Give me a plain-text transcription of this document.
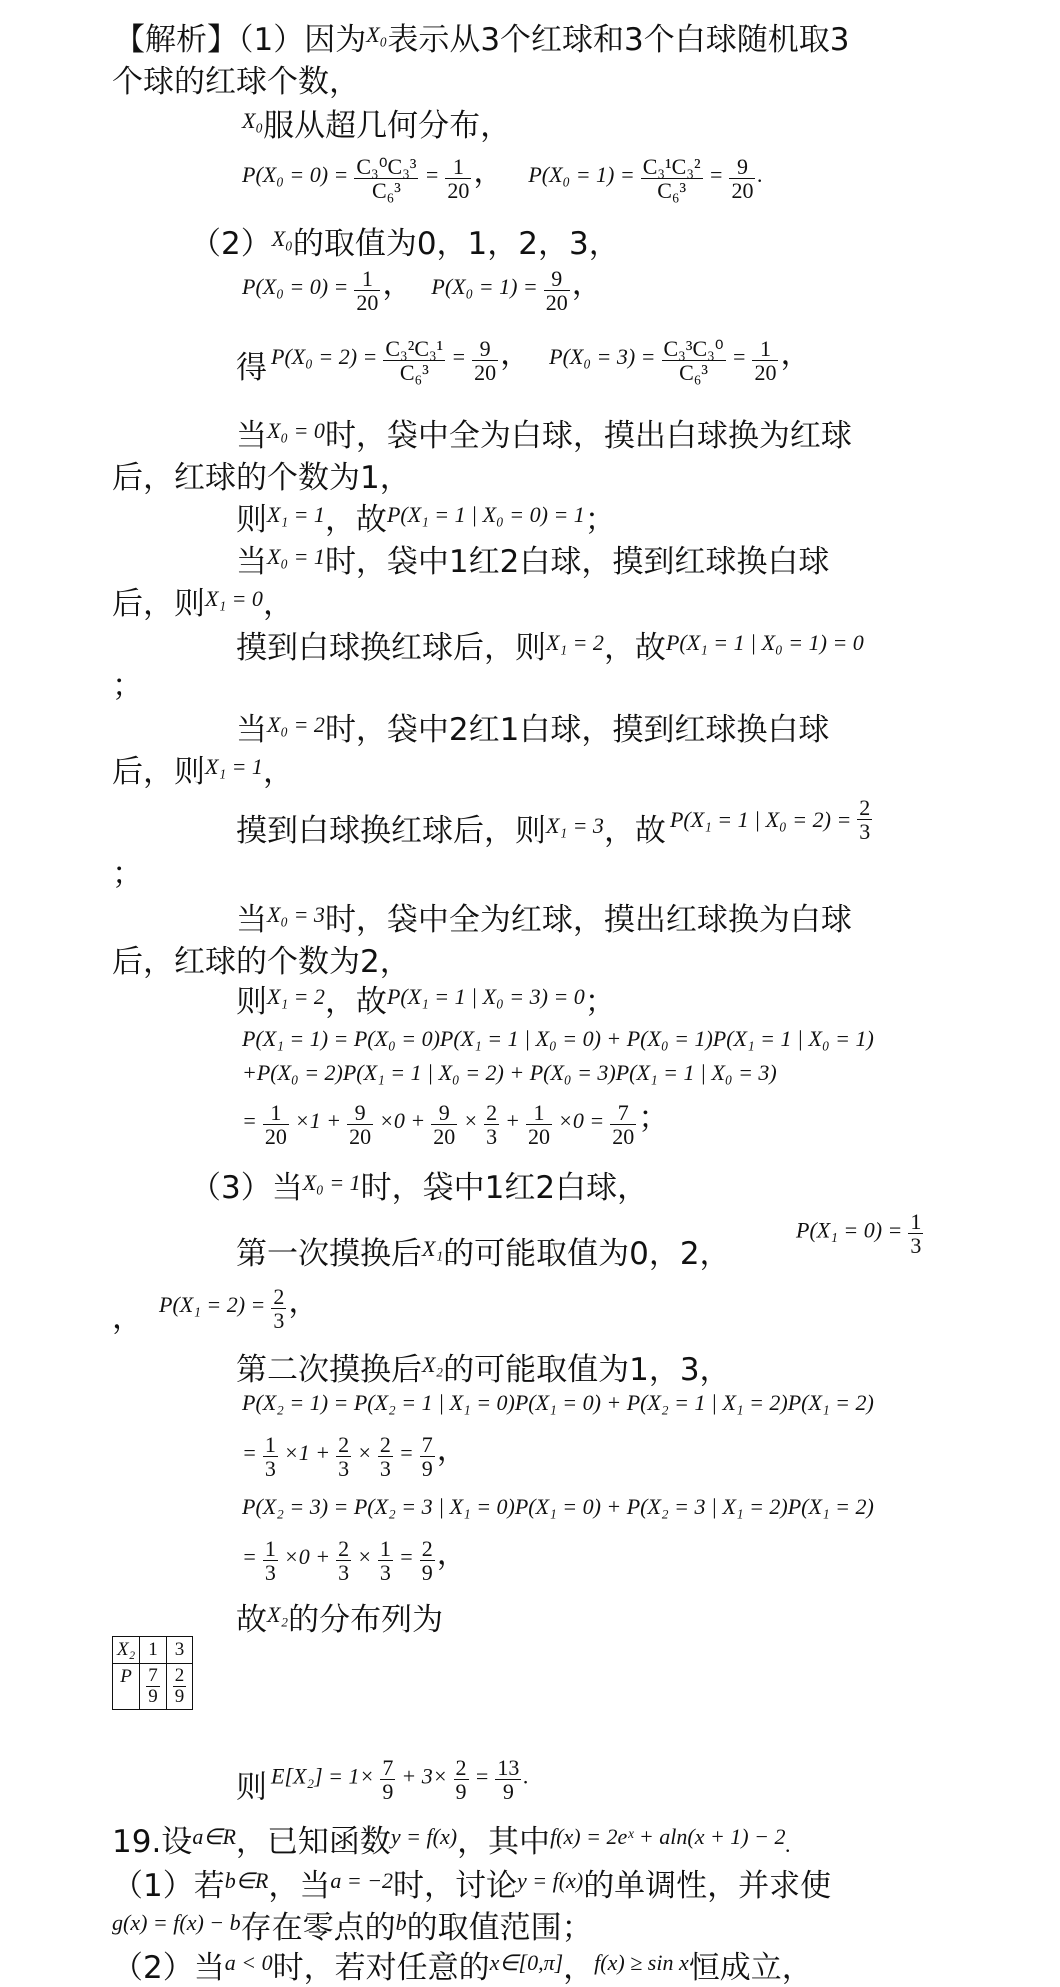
【解析】（1）因为X₀表示从3个红球和3个白球随机取3
个球的红球个数，
X₀服从超几何分布，
$P(X_0 = 0) = \frac{\text{C₃⁰C₃³}}{\text{C₆³}} = \frac{1}{20}$ ， $P(X_0 = 1) = \frac{\text{C₃¹C₃²}}{\text{C₆³}} = \frac{9}{20}$ .
（2）X₀的取值为0，1，2，3，
$P(X_0 = 0) = \frac{1}{20}$ ， $P(X_0 = 1) = \frac{9}{20}$ ，
得 $P(X_0 = 2) = \frac{\text{C₃²C₃¹}}{\text{C₆³}} = \frac{9}{20}$ ， $P(X_0 = 3) = \frac{\text{C₃³C₃⁰}}{\text{C₆³}} = \frac{1}{20}$ ，
当X₀ = 0时，袋中全为白球，摸出白球换为红球
后，红球的个数为1，
则X₁ = 1，故P(X₁ = 1 | X₀ = 0) = 1；
当X₀ = 1时，袋中1红2白球，摸到红球换白球
后，则X₁ = 0，
摸到白球换红球后，则X₁ = 2，故P(X₁ = 1 | X₀ = 1) = 0
；
当X₀ = 2时，袋中2红1白球，摸到红球换白球
后，则X₁ = 1，
摸到白球换红球后，则X₁ = 3，故 P(X₁ = 1 | $X_0 = 2) = \frac{2}{3}$
；
当X₀ = 3时，袋中全为红球，摸出红球换为白球
后，红球的个数为2，
则X₁ = 2，故P(X₁ = 1 | X₀ = 3) = 0；
P(X₁ = 1) = P(X₀ = 0)P(X₁ = 1 | X₀ = 0) + P(X₀ = 1)P(X₁ = 1 | X₀ = 1)
+P(X₀ = 2)P(X₁ = 1 | X₀ = 2) + P(X₀ = 3)P(X₁ = 1 | X₀ = 3)
= $\frac{1}{20} \times 1 + \frac{9}{20} \times 0 + \frac{9}{20} \times \frac{2}{3} + \frac{1}{20} \times 0 = \frac{7}{20}$ ；
（3）当X₀ = 1时，袋中1红2白球，
第一次摸换后X₁的可能取值为0，2，
$P(X_1 = 0) = \frac{1}{3}$
， $P(X_1 = 2) = \frac{2}{3}$ ，
第二次摸换后X₂的可能取值为1，3，
P(X₂ = 1) = P(X₂ = 1 | X₁ = 0)P(X₁ = 0) + P(X₂ = 1 | X₁ = 2)P(X₁ = 2)
= $\frac{1}{3} \times 1 + \frac{2}{3} \times \frac{2}{3} = \frac{7}{9}$ ，
P(X₂ = 3) = P(X₂ = 3 | X₁ = 0)P(X₁ = 0) + P(X₂ = 3 | X₁ = 2)P(X₁ = 2)
= $\frac{1}{3} \times 0 + \frac{2}{3} \times \frac{1}{3} = \frac{2}{9}$ ，
故X₂的分布列为
X₂	1	3
P	$\frac{7}{9}$	$\frac{2}{9}$
则 $E[X_2] = 1\times \frac{7}{9} + 3\times \frac{2}{9} = \frac{13}{9}$ .
19.设a∈R，已知函数y = f(x)，其中f(x) = 2eˣ + aln(x + 1) − 2.
（1）若b∈R，当a = −2时，讨论y = f(x)的单调性，并求使
g(x) = f(x) − b存在零点的b的取值范围；
（2）当a < 0时，若对任意的x∈[0,π]，f(x) ≥ sin x恒成立，
